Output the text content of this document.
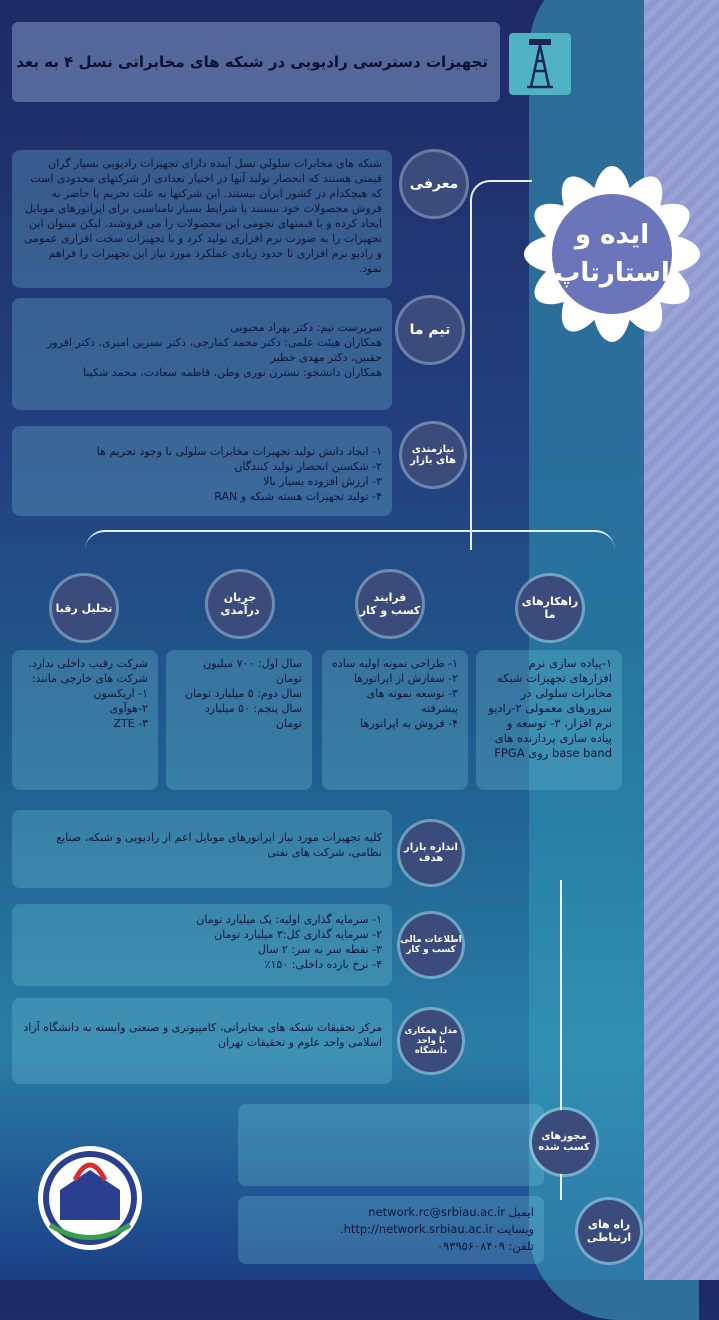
تجهیزات دسترسی رادیویی در شبکه های مخابراتی نسل ۴ به بعد
ایده و استارتاپ

شبکه های مخابرات سلولی نسل آینده دارای تجهیزات رادیویی بسیار گران قیمتی هستند که انحصار تولید آنها در اختیار تعدادی از شرکتهای محدودی است که هیچکدام در کشور ایران نیستند. این شرکتها به علت تحریم یا حاضر به فروش محصولات خود نیستند یا شرایط بسیار نامناسبی برای اپراتورهای موبایل ایجاد کرده و با قیمتهای نجومی این محصولات را می فروشند. لیکن میتوان این تجهیزات را به صورت نرم افزاری تولید کرد و با تجهیزات سخت افزاری عمومی و رادیو نرم افزاری تا حدود زیادی عملکرد مورد نیاز این تجهیزات را فراهم نمود.

معرفی

سرپرست تیم: دکتر بهراد محبوبی

همکاران هیئت علمی: دکتر محمد کمارجی، دکتر نسرین امیری، دکتر افروز حقبین، دکتر مهدی خطیر

همکاران دانشجو: نسترن نوری وطن، فاطمه سعادت، محمد شکیبا

تیم ما

۱- ایجاد دانش تولید تجهیزات مخابرات سلولی با وجود تحریم ها

۲- شکستن انحصار تولید کنندگان

۳- ارزش افزوده بسیار بالا

۴- تولید تجهیزات هسته شبکه و RAN

نیازمندی های بازار
راهکارهای ما
فرایند کسب و کار
جریان درآمدی
تحلیل رقبا

۱-پیاده سازی نرم افزارهای تجهیزات شبکه مخابرات سلولی در سرورهای معمولی ۲-رادیو نرم افزار، ۳- توسعه و پیاده سازی پردازنده های base band روی FPGA

۱- طراحی نمونه اولیه ساده

۲- سفارش از اپراتورها

۳- توسعه نمونه های پیشرفته

۴- فروش به اپراتورها

سال اول: ۷۰۰ میلیون تومان

سال دوم: ۵ میلیارد تومان

سال پنجم: ۵۰ میلیارد تومان

شرکت رقیب داخلی ندارد.

شرکت های خارجی مانند:

۱- اریکسون

۲-هوآوی

ZTE -۳

کلیه تجهیزات مورد نیاز اپراتورهای موبایل اعم از رادیویی و شبکه، صنایع نظامی، شرکت های نفتی	اندازه بازار هدف

۱- سرمایه گذاری اولیه: یک میلیارد تومان

۲- سرمایه گذاری کل:۳ میلیارد تومان

۳- نقطه سر به سر: ۲ سال

۴- نرخ بازده داخلی: ۱۵۰٪

اطلاعات مالی کسب و کار

مرکز تحقیقات شبکه های مخابراتی، کامپیوتری و صنعتی وابسته به دانشگاه آزاد اسلامی واحد علوم و تحقیقات تهران

مدل همکاری با واحد دانشگاه
مجوزهای کسب شده

ایمیل network.rc@srbiau.ac.ir

وبسایت http://network.srbiau.ac.ir.

تلفن: ۰۹۳۹۵۶۰۸۴۰۹

راه های ارتباطی
